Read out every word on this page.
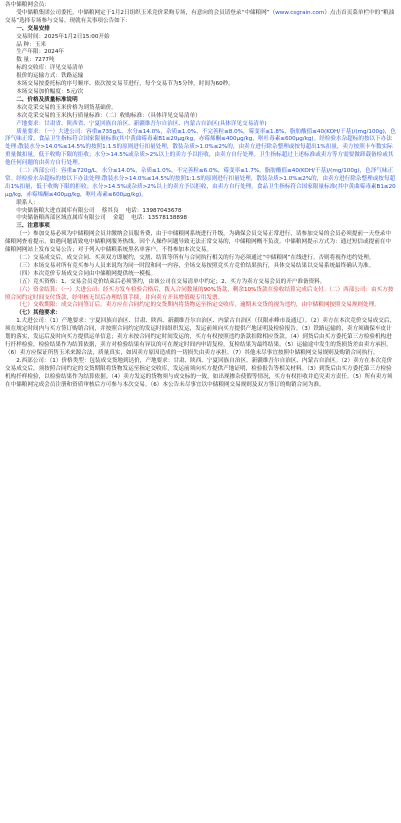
各中储粮网会员：

受中储粮集团公司委托，中储粮网定于1月2日组织玉米竞价采购专场，有意向的会员请登录“中储粮网”（www.csgrain.com）点击首页菜单栏中的“粮油交易”选择专场参与交易。现就有关事项公告如下：

一、交易安排

交易时间：2025年1月2日15:00开始

品 种：玉米

生产年限：2024年

数 量：7277吨

标的交收库：详见交易清单

报价的运输方式：铁路运输

本场交易按委托标的序号顺序、依次按交易节进行，每个交易节为5分钟，时间为60秒。

本场交易加价幅度：5元/次

二、价格及质量标准说明

本次竞采交易的玉米价格为到货基础价。

本次竞采交易的玉米执行质量标准：（二）收购标准：（具体详见交易清单）

产地要求：甘肃省、陕西省、宁夏回族自治区、新疆维吾尔自治区、内蒙古自治区(具体详见交易清单)

质量要求：（一）大进公司：容重≥735g/L，水分≤14.0%，杂质≤1.0%，不完善粒≤8.0%，霉变率≤1.8%，脂肪酸值≤40(KOH/干基)/(mg/100g)，色泽气味正常。食品卫生指标符合国家限量标准(其中黄曲霉毒素B1≤20μg/kg，赤霉烯酮≤400μg/kg，呕吐毒素≤600μg/kg)。经检验水杂超标的按以下办法处理:散装水分>14.0%≤14.5%的按照1:1.5的原则进行扣量处理，散装杂质>1.0%≤2%的，由卖方进行除杂整理或按每超出1%扣量，卖方按照卡车数实际重量做扣量，低于收购下限的拒收；水分>14.5%或杂质>2%以上的卖方予以拒收，由卖方自行处理。卫生指标超过上述标准或卖方等方需要做卸载备检或其他任何问题的由卖方自行处理。

（二）西部公司：容重≥720g/L，水分≤14.0%，杂质≤1.0%，不完善粒≤6.0%，霉变率≤1.7%，脂肪酸值≤40(KOH/干基)/(mg/100g)，色泽气味正常。经检验水杂超标的按以下办法处理:散装水分>14.0%≤14.5%的按照1:1.5的原则进行扣量处理，散装杂质>1.0%≤2%的，由卖方进行除杂整理或按每超出1%扣量，低于收购下限的拒收；水分>14.5%或杂质>2%以上的卖方予以拒收，由卖方自行处理。食品卫生指标符合国家限量标准(其中黄曲霉毒素B1≤20μg/kg，赤霉烯酮≤400μg/kg，呕吐毒素≤600μg/kg)。

联系人：

中央储备粮大进直属库有限公司 蔡其良 电话：13987043678

中央储备粮西部区域直属库有限公司 金超 电话：13578138898

三、注意事项

（一）参加交易必须为中储粮网会员并缴纳会员服务费，由于中储粮网系统进行升级，为确保会员交易正常进行，请参加交易的会员必须提前一天登录中储粮网查看提示，如遇问题请致电中储粮网服务热线。因个人操作问题导致无法正常交易的，中储粮网概不负责。中储粮网提示方式为：通过短信或提前在中储粮网网站上发布交易公告；对于列入中储粮系统黑名单客户，不得参加本次交易。

（二）交易成交后，成交合同、买卖双方即履约，交割、结算等所有与合同执行相关的行为必须通过“中储粮网”在线进行。否则将视作违约处理。

（三）本场交易对所有竞买参与人员来说均为同一时段和同一内容，全场交易按照竞买方竞价结果执行，具体交易结果以交易系统最终确认为准。

（四）本次竞价专场成交合同由中储粮网提供统一模板。

（五）竞买资格：1、交易会员竞价结束后必须签约，由该公司在交易清单中约定；2、买方为卖方交易会员的开户准备资料。

（六）资金结算：（一）大进公司：经买方发车检验合格后，拨入合同数量的90%货款，剩余10%货款在验收结算完成后支付。（二）西部公司：由买方按照合同约定时间支付货款，经审核无误后办理结算手续，并向卖方开具增值税专用发票。

（七）交收期限：成交合同签订后，卖方应在合同约定的交货期内将货物运至指定交收库，逾期未交货的视为违约，由中储粮网按照交易规则处理。

（七）其他要求：

1.大进公司：（1）产地要求：宁夏回族自治区、甘肃、陕西、新疆维吾尔自治区、内蒙古自治区（仅限赤峰市及通辽）。（2）卖方在本次竞价交易成交后，须在规定时间内与买方签订购销合同，并按照合同约定的发运时间组织发运，发运前须向买方提供产地证明及检验报告。（3）铁路运输的，卖方须确保车皮计划的落实，发运后及时向买方提供运单信息；卖方未按合同约定时间发运的，买方有权按照违约条款扣除相应货款。（4）到货后由买方委托第三方检验机构进行扦样检验，检验结果作为结算依据，卖方对检验结果有异议的可在规定时间内申请复检，复检结果为最终结果。（5）运输途中发生的货损货差由卖方承担。（6）卖方应保证所售玉米来源合法，质量真实，如因卖方原因造成的一切损失由卖方承担。（7）其他未尽事宜按照中储粮网交易规则及购销合同执行。

2.西部公司：（1）价格类型：包装成交货地到达价，产地要求：甘肃、陕西、宁夏回族自治区、新疆维吾尔自治区、内蒙古自治区。（2）卖方在本次竞价交易成交后，须按照合同约定的交货期限将货物发运至指定交收库，发运前须向买方提供产地证明、检验报告等相关材料。（3）到货后由买方委托第三方检验机构扦样检验，以检验结果作为结算依据。（4）卖方发运的货物须与成交标的一致，如出现掺杂使假等情况，买方有权拒收并追究卖方责任。（5）所有卖方须在中储粮网完成会员注册和资质审核后方可参与本次交易。（6）本公告未尽事宜以中储粮网交易规则及双方签订的购销合同为准。
